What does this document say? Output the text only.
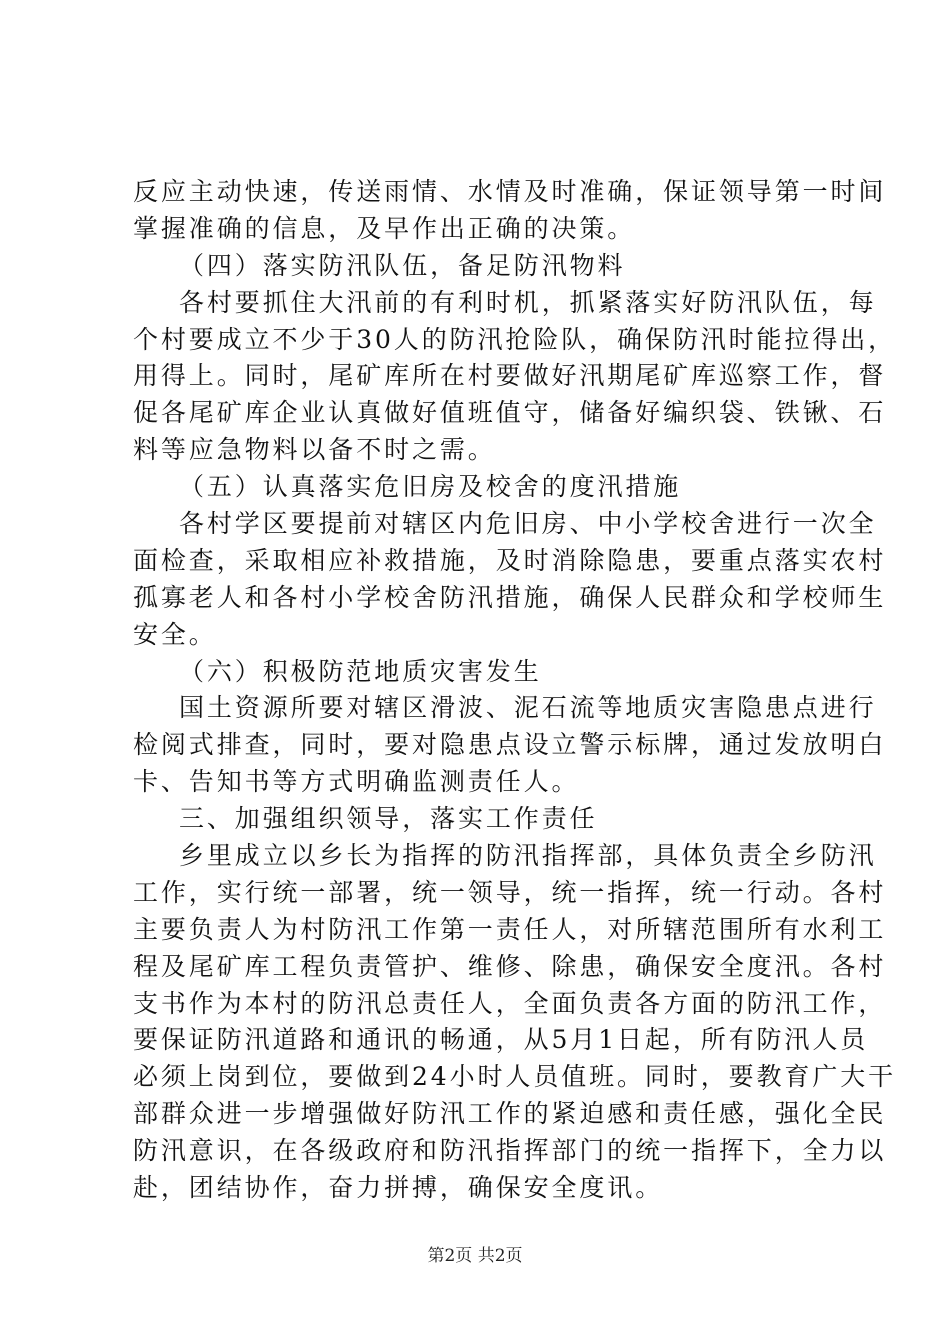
反应主动快速，传送雨情、水情及时准确，保证领导第一时间
掌握准确的信息，及早作出正确的决策。
（四）落实防汛队伍，备足防汛物料
各村要抓住大汛前的有利时机，抓紧落实好防汛队伍，每
个村要成立不少于30人的防汛抢险队，确保防汛时能拉得出，
用得上。同时，尾矿库所在村要做好汛期尾矿库巡察工作，督
促各尾矿库企业认真做好值班值守，储备好编织袋、铁锹、石
料等应急物料以备不时之需。
（五）认真落实危旧房及校舍的度汛措施
各村学区要提前对辖区内危旧房、中小学校舍进行一次全
面检查，采取相应补救措施，及时消除隐患，要重点落实农村
孤寡老人和各村小学校舍防汛措施，确保人民群众和学校师生
安全。
（六）积极防范地质灾害发生
国土资源所要对辖区滑波、泥石流等地质灾害隐患点进行
检阅式排查，同时，要对隐患点设立警示标牌，通过发放明白
卡、告知书等方式明确监测责任人。
三、加强组织领导，落实工作责任
乡里成立以乡长为指挥的防汛指挥部，具体负责全乡防汛
工作，实行统一部署，统一领导，统一指挥，统一行动。各村
主要负责人为村防汛工作第一责任人，对所辖范围所有水利工
程及尾矿库工程负责管护、维修、除患，确保安全度汛。各村
支书作为本村的防汛总责任人，全面负责各方面的防汛工作，
要保证防汛道路和通讯的畅通，从5月1日起，所有防汛人员
必须上岗到位，要做到24小时人员值班。同时，要教育广大干
部群众进一步增强做好防汛工作的紧迫感和责任感，强化全民
防汛意识，在各级政府和防汛指挥部门的统一指挥下，全力以
赴，团结协作，奋力拼搏，确保安全度讯。
第2页 共2页
